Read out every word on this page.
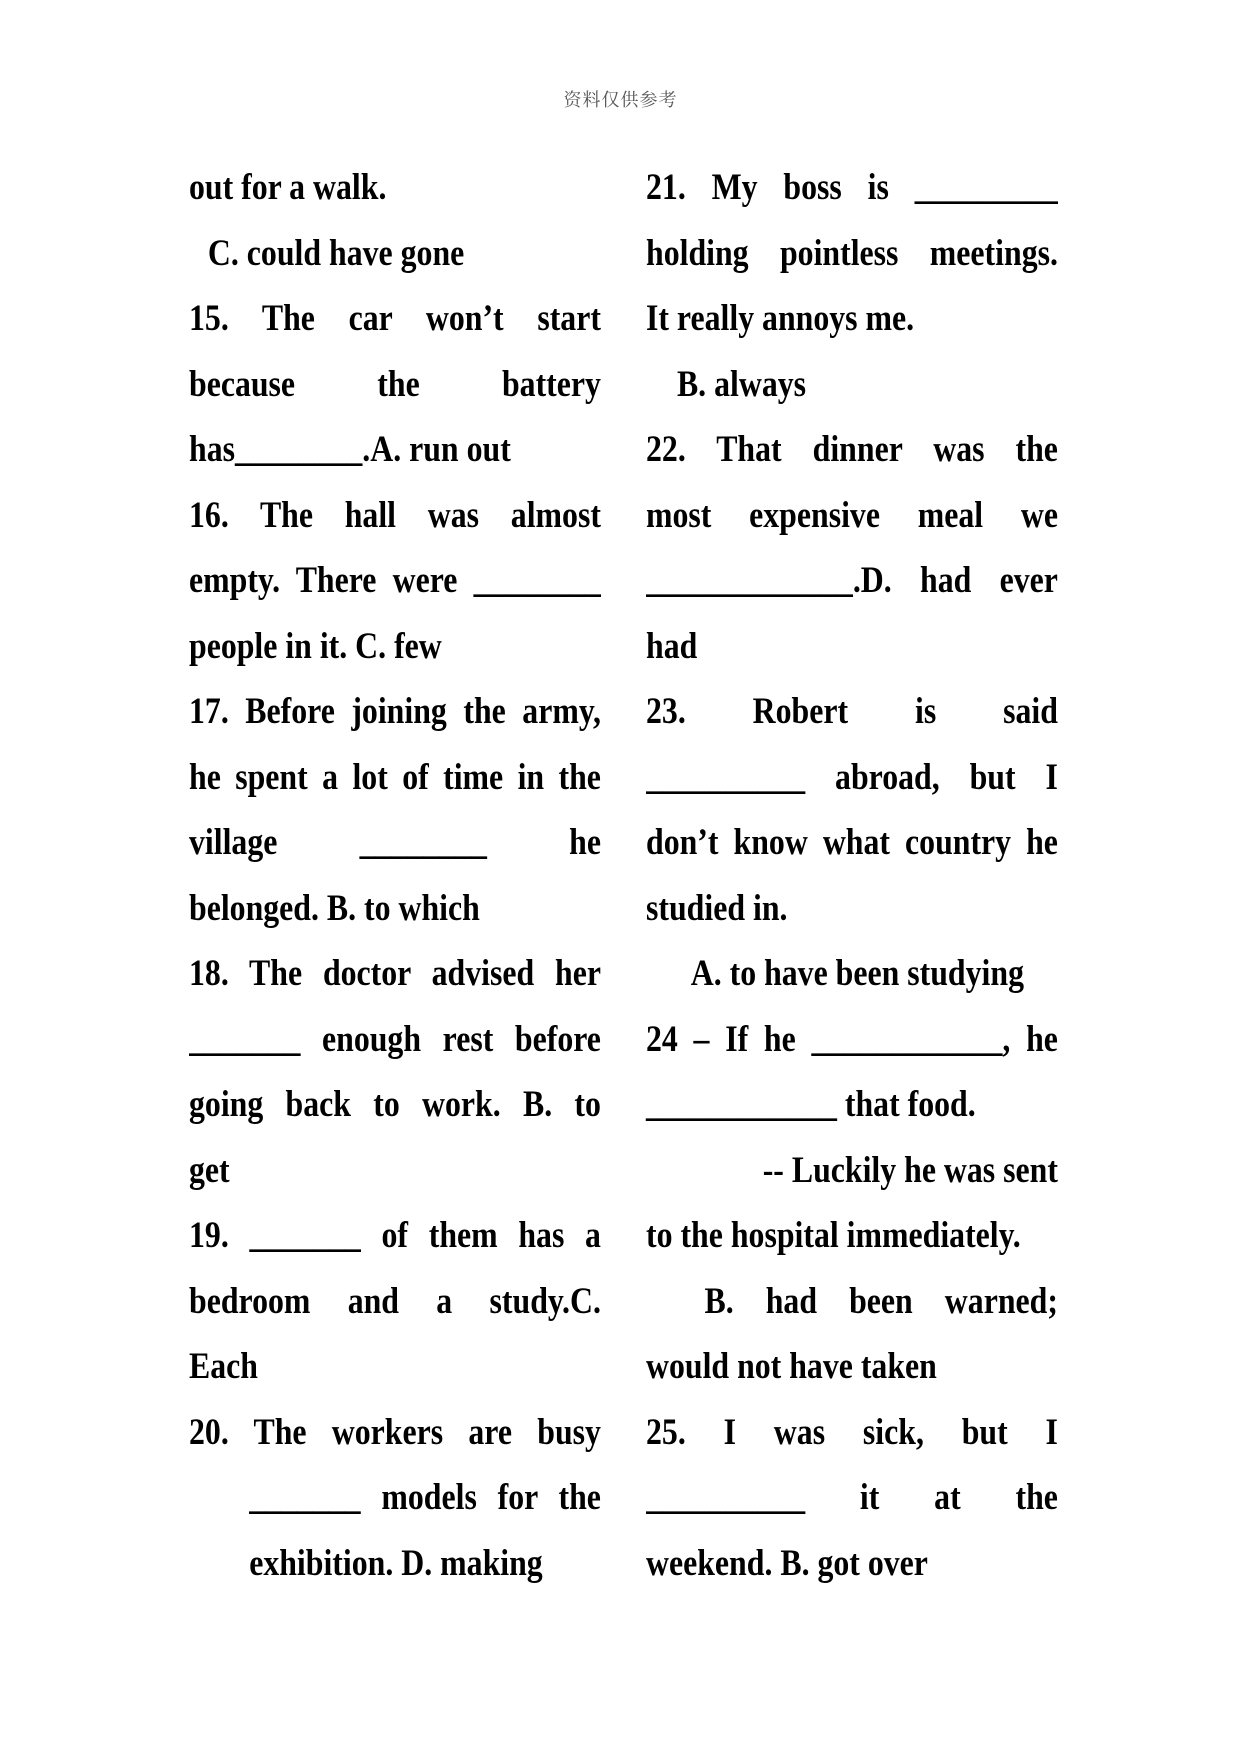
资料仅供参考
out for a walk.
C. could have gone
15. The car won’t start
because the battery
has________.A. run out
16. The hall was almost
empty. There were ________
people in it. C. few
17. Before joining the army,
he spent a lot of time in the
village ________ he
belonged. B. to which
18. The doctor advised her
_______ enough rest before
going back to work. B. to
get
19. _______ of them has a
bedroom and a study.C.
Each
20. The workers are busy
_______ models for the
exhibition. D. making
21. My boss is _________
holding pointless meetings.
It really annoys me.
B. always
22. That dinner was the
most expensive meal we
_____________.D. had ever
had
23. Robert is said
__________ abroad, but I
don’t know what country he
studied in.
A. to have been studying
24 – If he ____________, he
____________ that food.
-- Luckily he was sent
to the hospital immediately.
B. had been warned;
would not have taken
25. I was sick, but I
__________ it at the
weekend. B. got over
